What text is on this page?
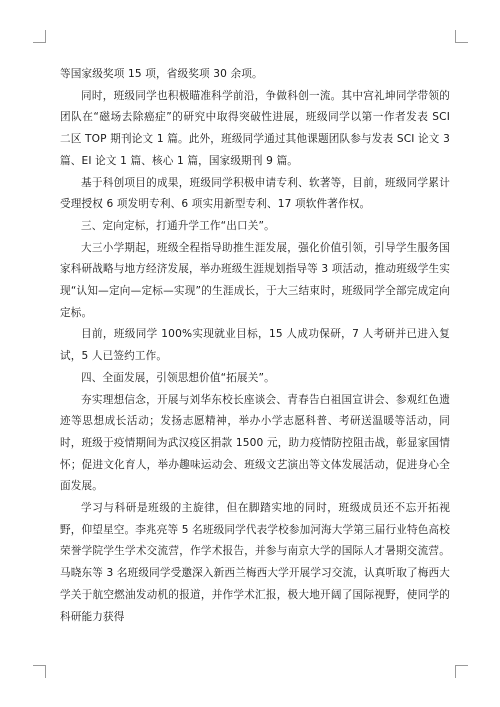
等国家级奖项 15 项，省级奖项 30 余项。

同时，班级同学也积极瞄准科学前沿，争做科创一流。其中宫礼坤同学带领的团队在“磁场去除癌症”的研究中取得突破性进展，班级同学以第一作者发表 SCI 二区 TOP 期刊论文 1 篇。此外，班级同学通过其他课题团队参与发表 SCI 论文 3 篇、EI 论文 1 篇、核心 1 篇，国家级期刊 9 篇。

基于科创项目的成果，班级同学积极申请专利、软著等，目前，班级同学累计受理授权 6 项发明专利、6 项实用新型专利、17 项软件著作权。

三、定向定标，打通升学工作“出口关”。

大三小学期起，班级全程指导助推生涯发展，强化价值引领，引导学生服务国家科研战略与地方经济发展，举办班级生涯规划指导等 3 项活动，推动班级学生实现“认知—定向—定标—实现”的生涯成长，于大三结束时，班级同学全部完成定向定标。

目前，班级同学 100%实现就业目标，15 人成功保研，7 人考研并已进入复试，5 人已签约工作。

四、全面发展，引领思想价值“拓展关”。

夯实理想信念，开展与刘华东校长座谈会、青春告白祖国宣讲会、参观红色遗迹等思想成长活动；发扬志愿精神，举办小学志愿科普、考研送温暖等活动，同时，班级于疫情期间为武汉疫区捐款 1500 元，助力疫情防控阻击战，彰显家国情怀；促进文化育人，举办趣味运动会、班级文艺演出等文体发展活动，促进身心全面发展。

学习与科研是班级的主旋律，但在脚踏实地的同时，班级成员还不忘开拓视野，仰望星空。李兆亮等 5 名班级同学代表学校参加河海大学第三届行业特色高校荣誉学院学生学术交流营，作学术报告，并参与南京大学的国际人才暑期交流营。马晓东等 3 名班级同学受邀深入新西兰梅西大学开展学习交流，认真听取了梅西大学关于航空燃油发动机的报道，并作学术汇报，极大地开阔了国际视野，使同学的科研能力获得
